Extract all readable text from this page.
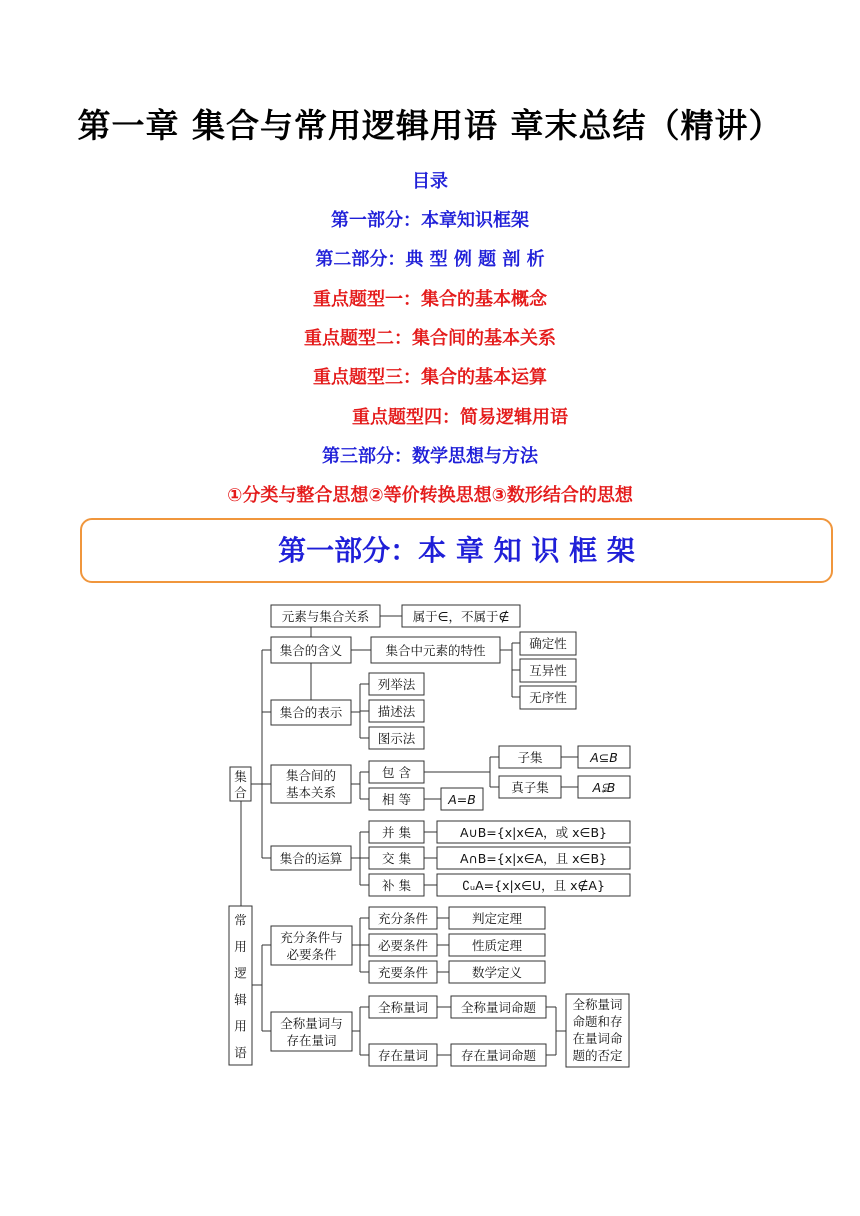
第一章 集合与常用逻辑用语 章末总结（精讲）
目录
第一部分：本章知识框架
第二部分：典 型 例 题 剖 析
重点题型一：集合的基本概念
重点题型二：集合间的基本关系
重点题型三：集合的基本运算
重点题型四：简易逻辑用语
第三部分：数学思想与方法
①分类与整合思想②等价转换思想③数形结合的思想
第一部分：本 章 知 识 框 架
集
合
常
用
逻
辑
用
语
元素与集合关系	属于∈，不属于∉
集合的含义	集合中元素的特性	确定性
互异性
无序性
集合的表示
列举法
描述法
图示法
集合间的
基本关系
包 含
相 等	A=B
子集	A⊆B
真子集	A⫋B
集合的运算
并 集	A∪B={x|x∈A，或 x∈B}
交 集	A∩B={x|x∈A，且 x∈B}
补 集	∁ᵤA={x|x∈U，且 x∉A}
充分条件与
必要条件
充分条件	判定定理
必要条件	性质定理
充要条件	数学定义
全称量词与
存在量词
全称量词	全称量词命题
存在量词	存在量词命题
全称量词
命题和存
在量词命
题的否定
